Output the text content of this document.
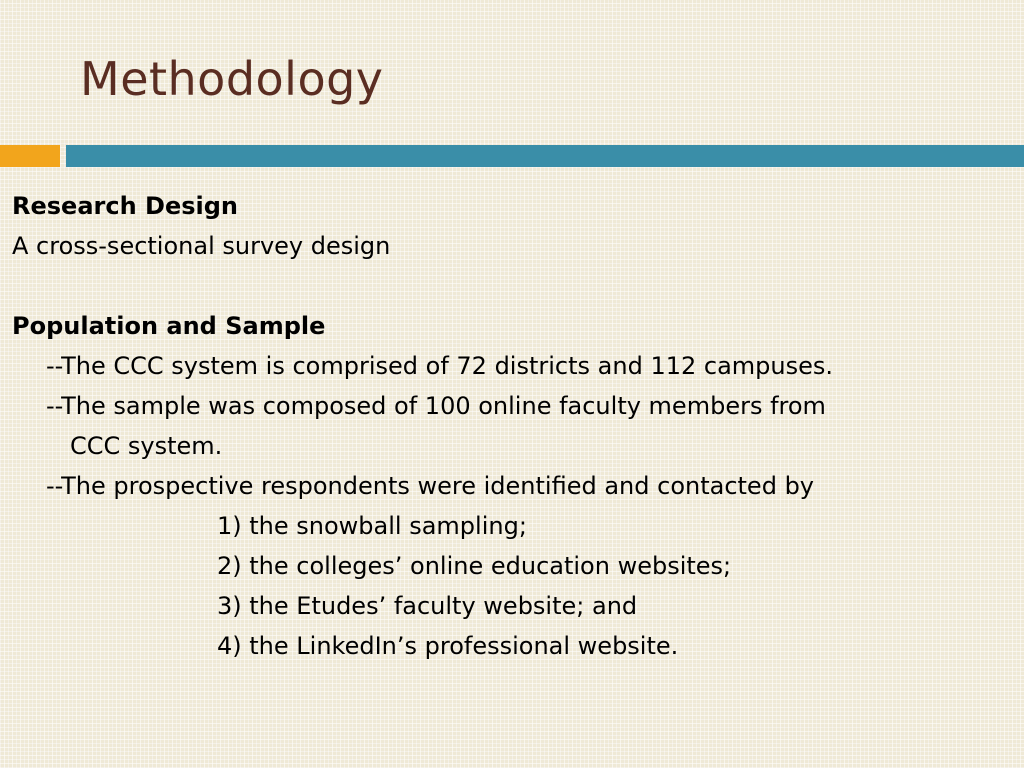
Methodology
Research Design
A cross-sectional survey design
Population and Sample
--The CCC system is comprised of 72 districts and 112 campuses.
--The sample was composed of 100 online faculty members from
CCC system.
--The prospective respondents were identified and contacted by
1) the snowball sampling;
2) the colleges’ online education websites;
3) the Etudes’ faculty website; and
4) the LinkedIn’s professional website.
